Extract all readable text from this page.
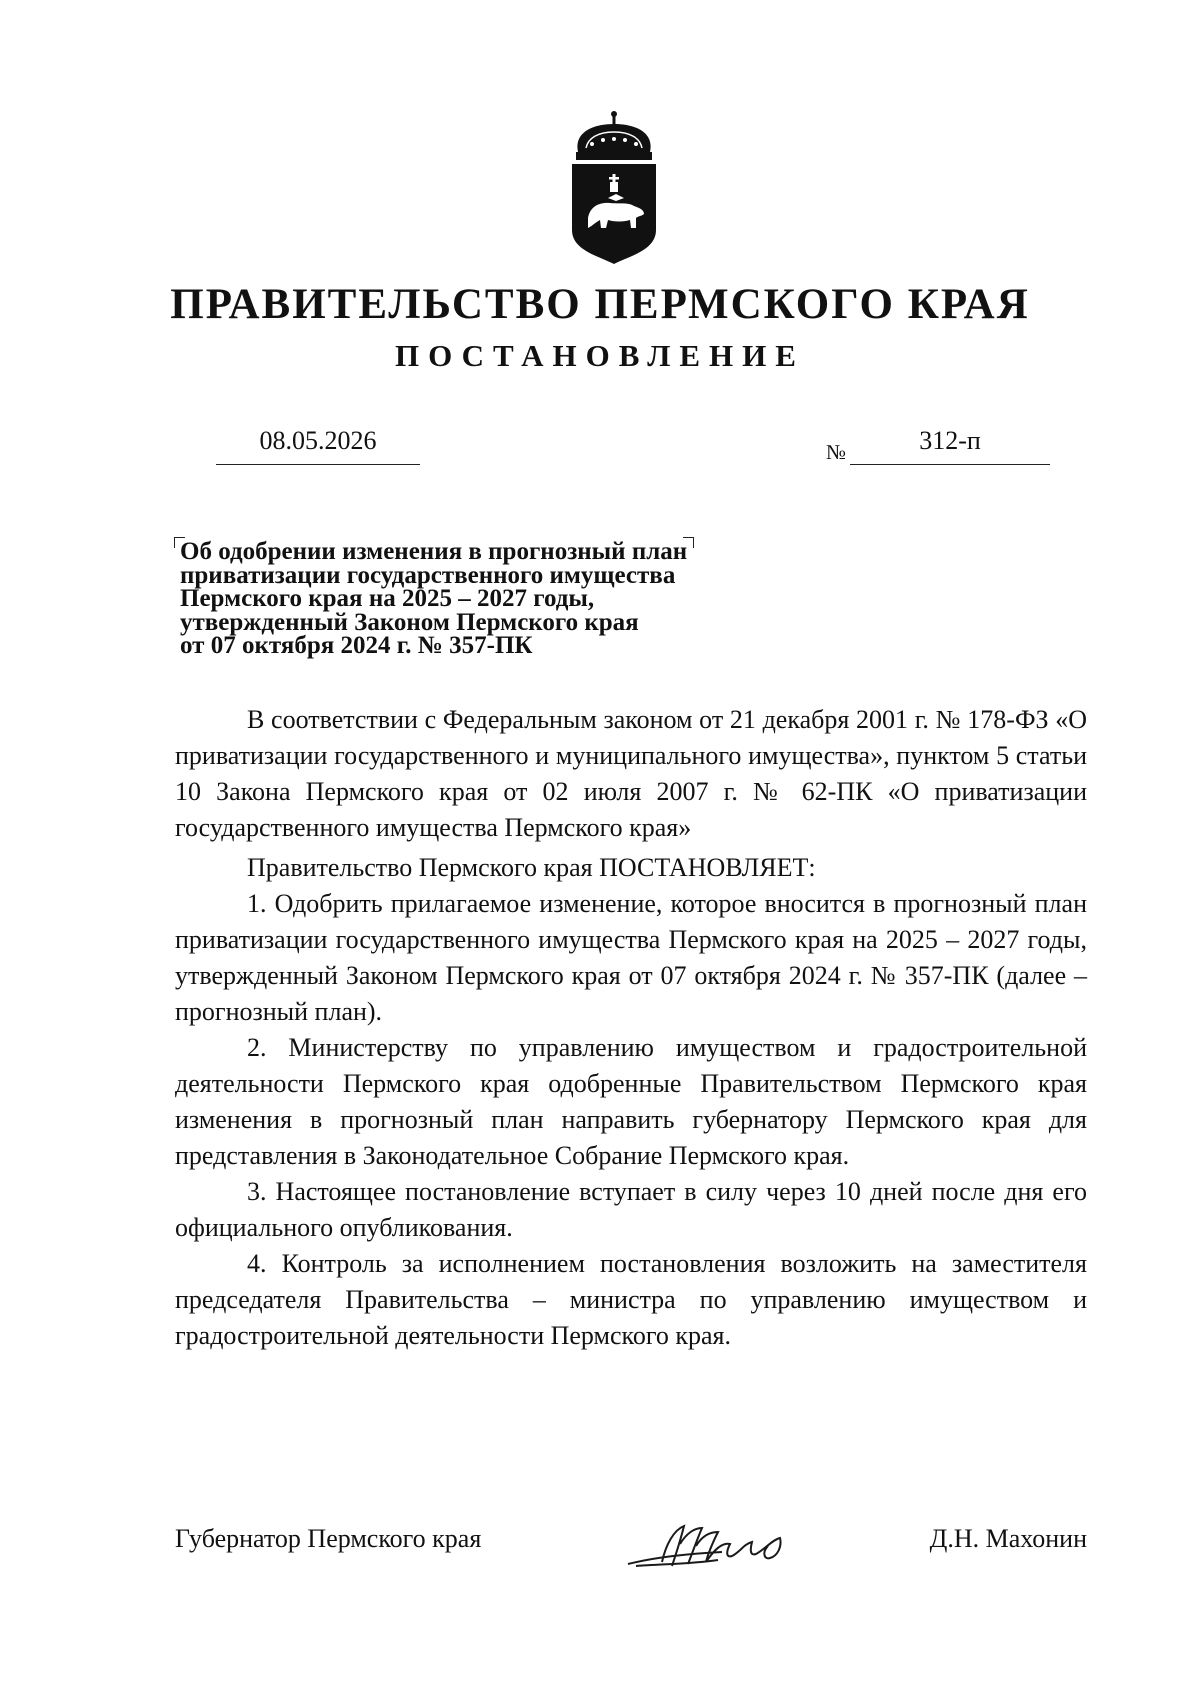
ПРАВИТЕЛЬСТВО ПЕРМСКОГО КРАЯ
ПОСТАНОВЛЕНИЕ
08.05.2026	№	312-п
Об одобрении изменения в прогнозный план
приватизации государственного имущества
Пермского края на 2025 – 2027 годы,
утвержденный Законом Пермского края
от 07 октября 2024 г. № 357-ПК

В соответствии с Федеральным законом от 21 декабря 2001 г. № 178-ФЗ «О приватизации государственного и муниципального имущества», пунктом 5 статьи 10 Закона Пермского края от 02 июля 2007 г. № 62-ПК «О приватизации государственного имущества Пермского края»

Правительство Пермского края ПОСТАНОВЛЯЕТ:

1. Одобрить прилагаемое изменение, которое вносится в прогнозный план приватизации государственного имущества Пермского края на 2025 – 2027 годы, утвержденный Законом Пермского края от 07 октября 2024 г. № 357-ПК (далее – прогнозный план).

2. Министерству по управлению имуществом и градостроительной деятельности Пермского края одобренные Правительством Пермского края изменения в прогнозный план направить губернатору Пермского края для представления в Законодательное Собрание Пермского края.

3. Настоящее постановление вступает в силу через 10 дней после дня его официального опубликования.

4. Контроль за исполнением постановления возложить на заместителя председателя Правительства – министра по управлению имуществом и градостроительной деятельности Пермского края.

Губернатор Пермского края	Д.Н. Махонин
